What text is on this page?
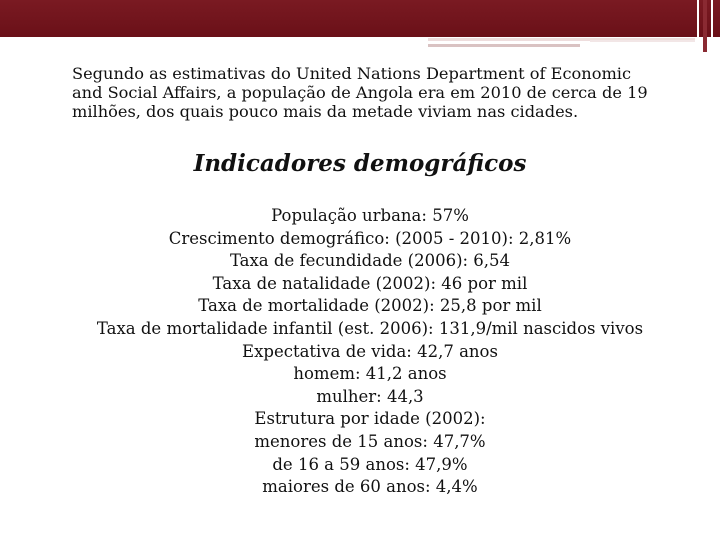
Segundo as estimativas do United Nations Department of Economic
and Social Affairs, a população de Angola era em 2010 de cerca de 19
milhões, dos quais pouco mais da metade viviam nas cidades.
Indicadores demográficos
População urbana: 57%
Crescimento demográfico: (2005 - 2010): 2,81%
Taxa de fecundidade (2006): 6,54
Taxa de natalidade (2002): 46 por mil
Taxa de mortalidade (2002): 25,8 por mil
Taxa de mortalidade infantil (est. 2006): 131,9/mil nascidos vivos
Expectativa de vida: 42,7 anos
homem: 41,2 anos
mulher: 44,3
Estrutura por idade (2002):
menores de 15 anos: 47,7%
de 16 a 59 anos: 47,9%
maiores de 60 anos: 4,4%
